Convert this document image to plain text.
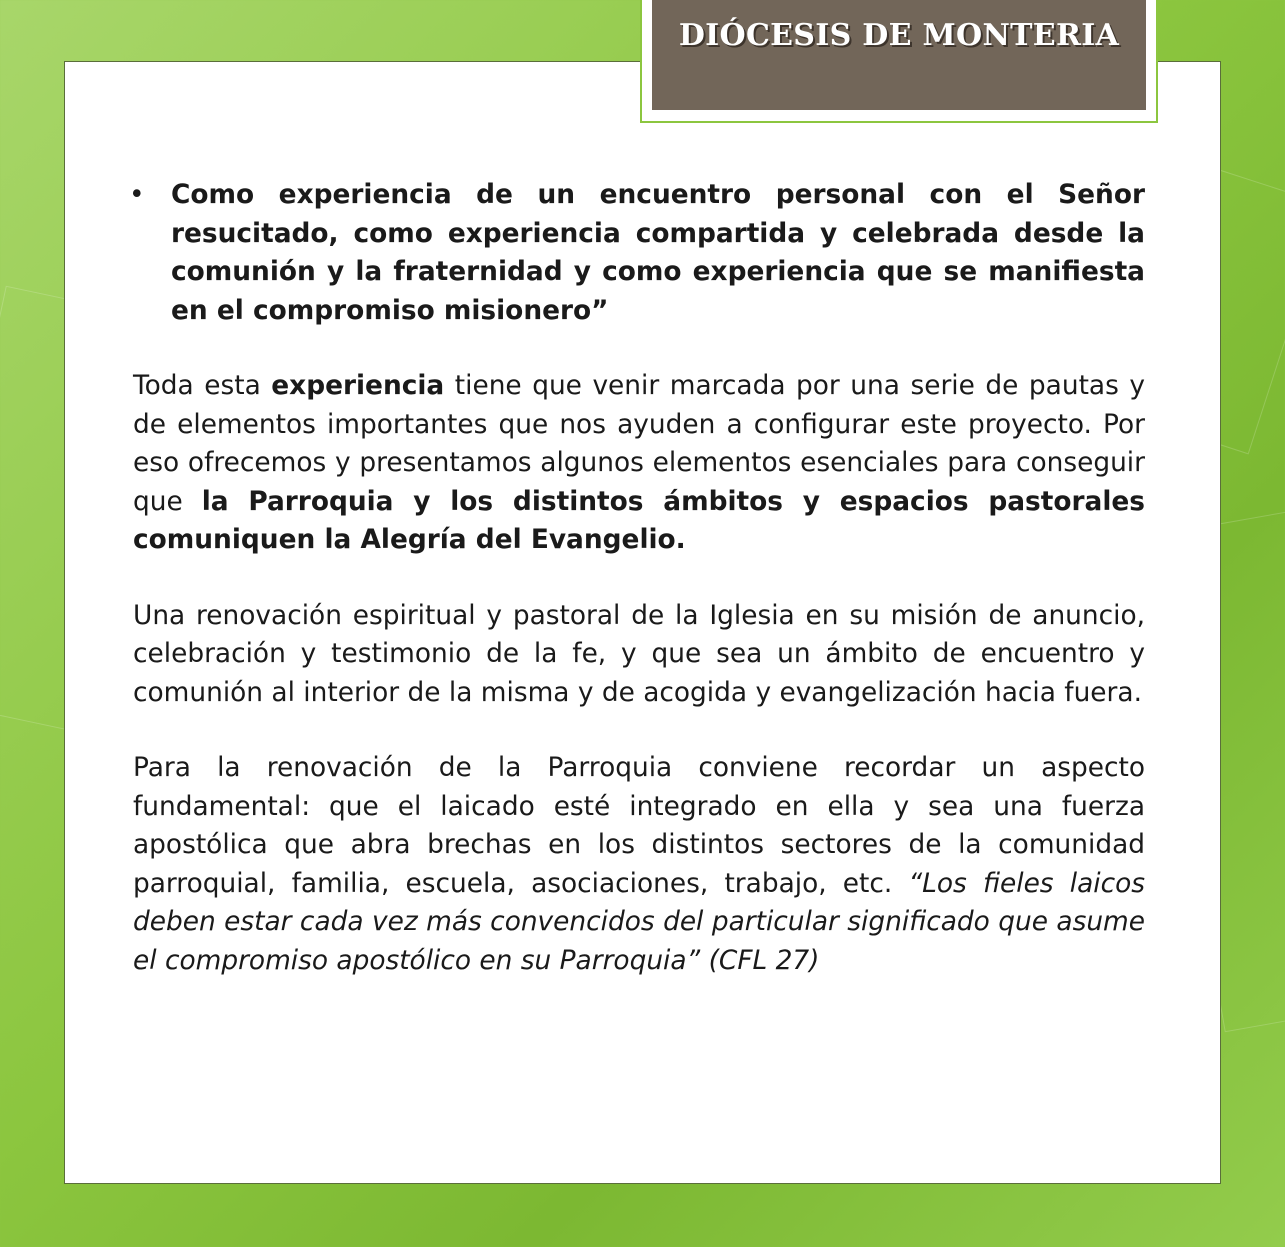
DIÓCESIS DE MONTERIA
• Como experiencia de un encuentro personal con el Señor resucitado, como experiencia compartida y celebrada desde la comunión y la fraternidad y como experiencia que se manifiesta en el compromiso misionero”

Toda esta experiencia tiene que venir marcada por una serie de pautas y de elementos importantes que nos ayuden a configurar este proyecto. Por eso ofrecemos y presentamos algunos elementos esenciales para conseguir que la Parroquia y los distintos ámbitos y espacios pastorales comuniquen la Alegría del Evangelio.

Una renovación espiritual y pastoral de la Iglesia en su misión de anuncio, celebración y testimonio de la fe, y que sea un ámbito de encuentro y comunión al interior de la misma y de acogida y evangelización hacia fuera.

Para la renovación de la Parroquia conviene recordar un aspecto fundamental: que el laicado esté integrado en ella y sea una fuerza apostólica que abra brechas en los distintos sectores de la comunidad parroquial, familia, escuela, asociaciones, trabajo, etc. “Los fieles laicos deben estar cada vez más convencidos del particular significado que asume el compromiso apostólico en su Parroquia” (CFL 27)
